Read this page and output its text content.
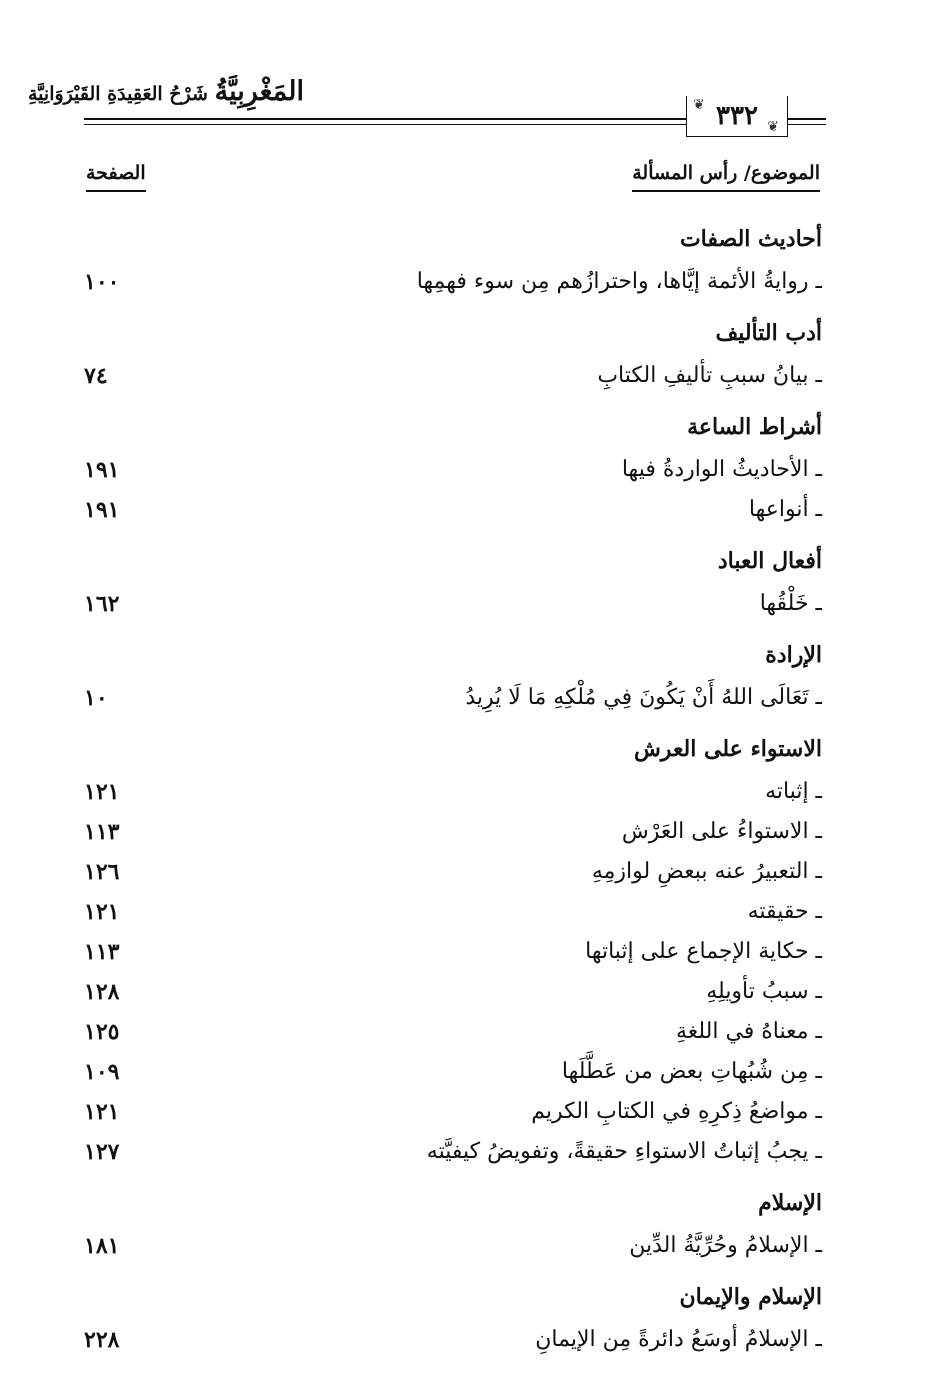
المَغْرِبِيَّةُ شَرْحُ العَقِيدَةِ القَيْرَوَانِيَّةِ	❦ ٣٣٢ ❦
الموضوع/ رأس المسألة
الصفحة
أحاديث الصفات
ـ روايةُ الأئمة إيَّاها، واحترازُهم مِن سوء فهمِها
١٠٠
أدب التأليف
ـ بيانُ سببِ تأليفِ الكتابِ
٧٤
أشراط الساعة
ـ الأحاديثُ الواردةُ فيها
١٩١
ـ أنواعها
١٩١
أفعال العباد
ـ خَلْقُها
١٦٢
الإرادة
ـ تَعَالَى اللهُ أَنْ يَكُونَ فِي مُلْكِهِ مَا لَا يُرِيدُ
١٠
الاستواء على العرش
ـ إثباته
١٢١
ـ الاستواءُ على العَرْش
١١٣
ـ التعبيرُ عنه ببعضِ لوازمِهِ
١٢٦
ـ حقيقته
١٢١
ـ حكاية الإجماع على إثباتها
١١٣
ـ سببُ تأويلِهِ
١٢٨
ـ معناهُ في اللغةِ
١٢٥
ـ مِن شُبُهاتِ بعض من عَطَّلَها
١٠٩
ـ مواضعُ ذِكرِهِ في الكتابِ الكريم
١٢١
ـ يجبُ إثباتُ الاستواءِ حقيقةً، وتفويضُ كيفيَّته
١٢٧
الإسلام
ـ الإسلامُ وحُرِّيَّةُ الدِّين
١٨١
الإسلام والإيمان
ـ الإسلامُ أوسَعُ دائرةً مِن الإيمانِ
٢٢٨
